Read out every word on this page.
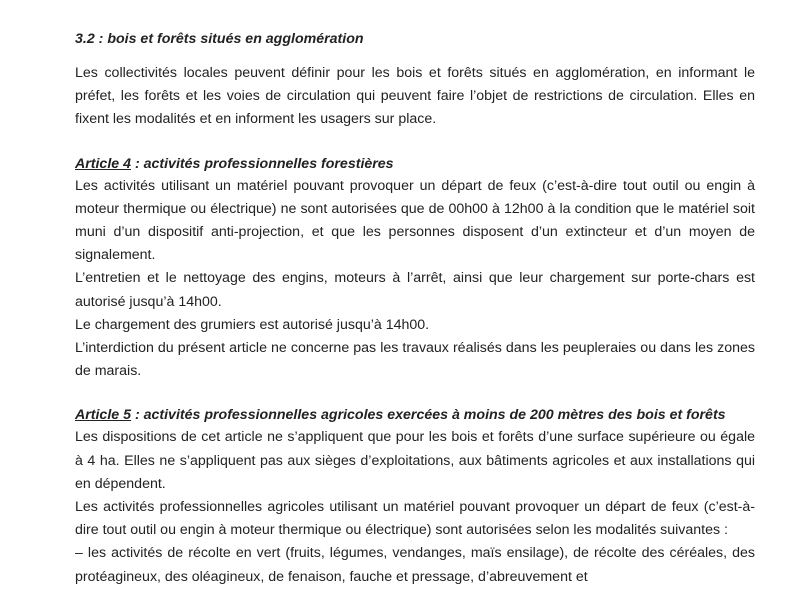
3.2 : bois et forêts situés en agglomération

Les collectivités locales peuvent définir pour les bois et forêts situés en agglomération, en informant le préfet, les forêts et les voies de circulation qui peuvent faire l’objet de restrictions de circulation. Elles en fixent les modalités et en informent les usagers sur place.

Article 4 : activités professionnelles forestières

Les activités utilisant un matériel pouvant provoquer un départ de feux (c’est-à-dire tout outil ou engin à moteur thermique ou électrique) ne sont autorisées que de 00h00 à 12h00 à la condition que le matériel soit muni d’un dispositif anti-projection, et que les personnes disposent d’un extincteur et d’un moyen de signalement.

L’entretien et le nettoyage des engins, moteurs à l’arrêt, ainsi que leur chargement sur porte-chars est autorisé jusqu’à 14h00.

Le chargement des grumiers est autorisé jusqu’à 14h00.

L’interdiction du présent article ne concerne pas les travaux réalisés dans les peupleraies ou dans les zones de marais.

Article 5 : activités professionnelles agricoles exercées à moins de 200 mètres des bois et forêts

Les dispositions de cet article ne s’appliquent que pour les bois et forêts d’une surface supérieure ou égale à 4 ha. Elles ne s’appliquent pas aux sièges d’exploitations, aux bâtiments agricoles et aux installations qui en dépendent.

Les activités professionnelles agricoles utilisant un matériel pouvant provoquer un départ de feux (c’est-à-dire tout outil ou engin à moteur thermique ou électrique) sont autorisées selon les modalités suivantes :

– les activités de récolte en vert (fruits, légumes, vendanges, maïs ensilage), de récolte des céréales, des protéagineux, des oléagineux, de fenaison, fauche et pressage, d’abreuvement et
